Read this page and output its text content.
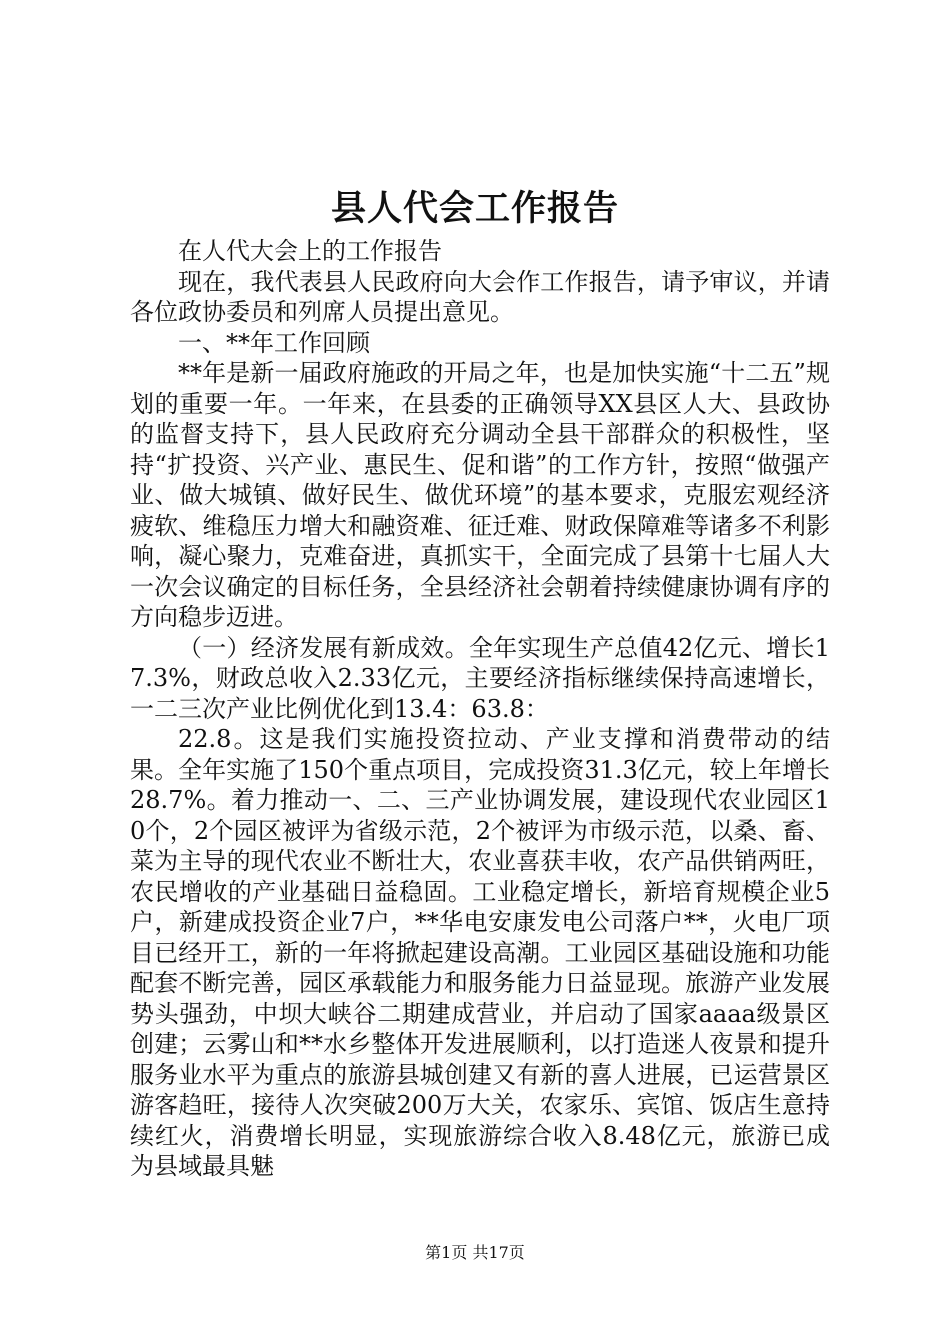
县人代会工作报告

在人代大会上的工作报告

现在，我代表县人民政府向大会作工作报告，请予审议，并请各位政协委员和列席人员提出意见。

一、**年工作回顾

**年是新一届政府施政的开局之年，也是加快实施“十二五”规划的重要一年。一年来，在县委的正确领导XX县区人大、县政协的监督支持下，县人民政府充分调动全县干部群众的积极性，坚持“扩投资、兴产业、惠民生、促和谐”的工作方针，按照“做强产业、做大城镇、做好民生、做优环境”的基本要求，克服宏观经济疲软、维稳压力增大和融资难、征迁难、财政保障难等诸多不利影响，凝心聚力，克难奋进，真抓实干，全面完成了县第十七届人大一次会议确定的目标任务，全县经济社会朝着持续健康协调有序的方向稳步迈进。

（一）经济发展有新成效。全年实现生产总值42亿元、增长17.3%，财政总收入2.33亿元，主要经济指标继续保持高速增长，一二三次产业比例优化到13.4：63.8：

22.8。这是我们实施投资拉动、产业支撑和消费带动的结果。全年实施了150个重点项目，完成投资31.3亿元，较上年增长28.7%。着力推动一、二、三产业协调发展，建设现代农业园区10个，2个园区被评为省级示范，2个被评为市级示范，以桑、畜、菜为主导的现代农业不断壮大，农业喜获丰收，农产品供销两旺，农民增收的产业基础日益稳固。工业稳定增长，新培育规模企业5户，新建成投资企业7户，**华电安康发电公司落户**，火电厂项目已经开工，新的一年将掀起建设高潮。工业园区基础设施和功能配套不断完善，园区承载能力和服务能力日益显现。旅游产业发展势头强劲，中坝大峡谷二期建成营业，并启动了国家aaaa级景区创建；云雾山和**水乡整体开发进展顺利，以打造迷人夜景和提升服务业水平为重点的旅游县城创建又有新的喜人进展，已运营景区游客趋旺，接待人次突破200万大关，农家乐、宾馆、饭店生意持续红火，消费增长明显，实现旅游综合收入8.48亿元，旅游已成为县域最具魅

第1页 共17页
